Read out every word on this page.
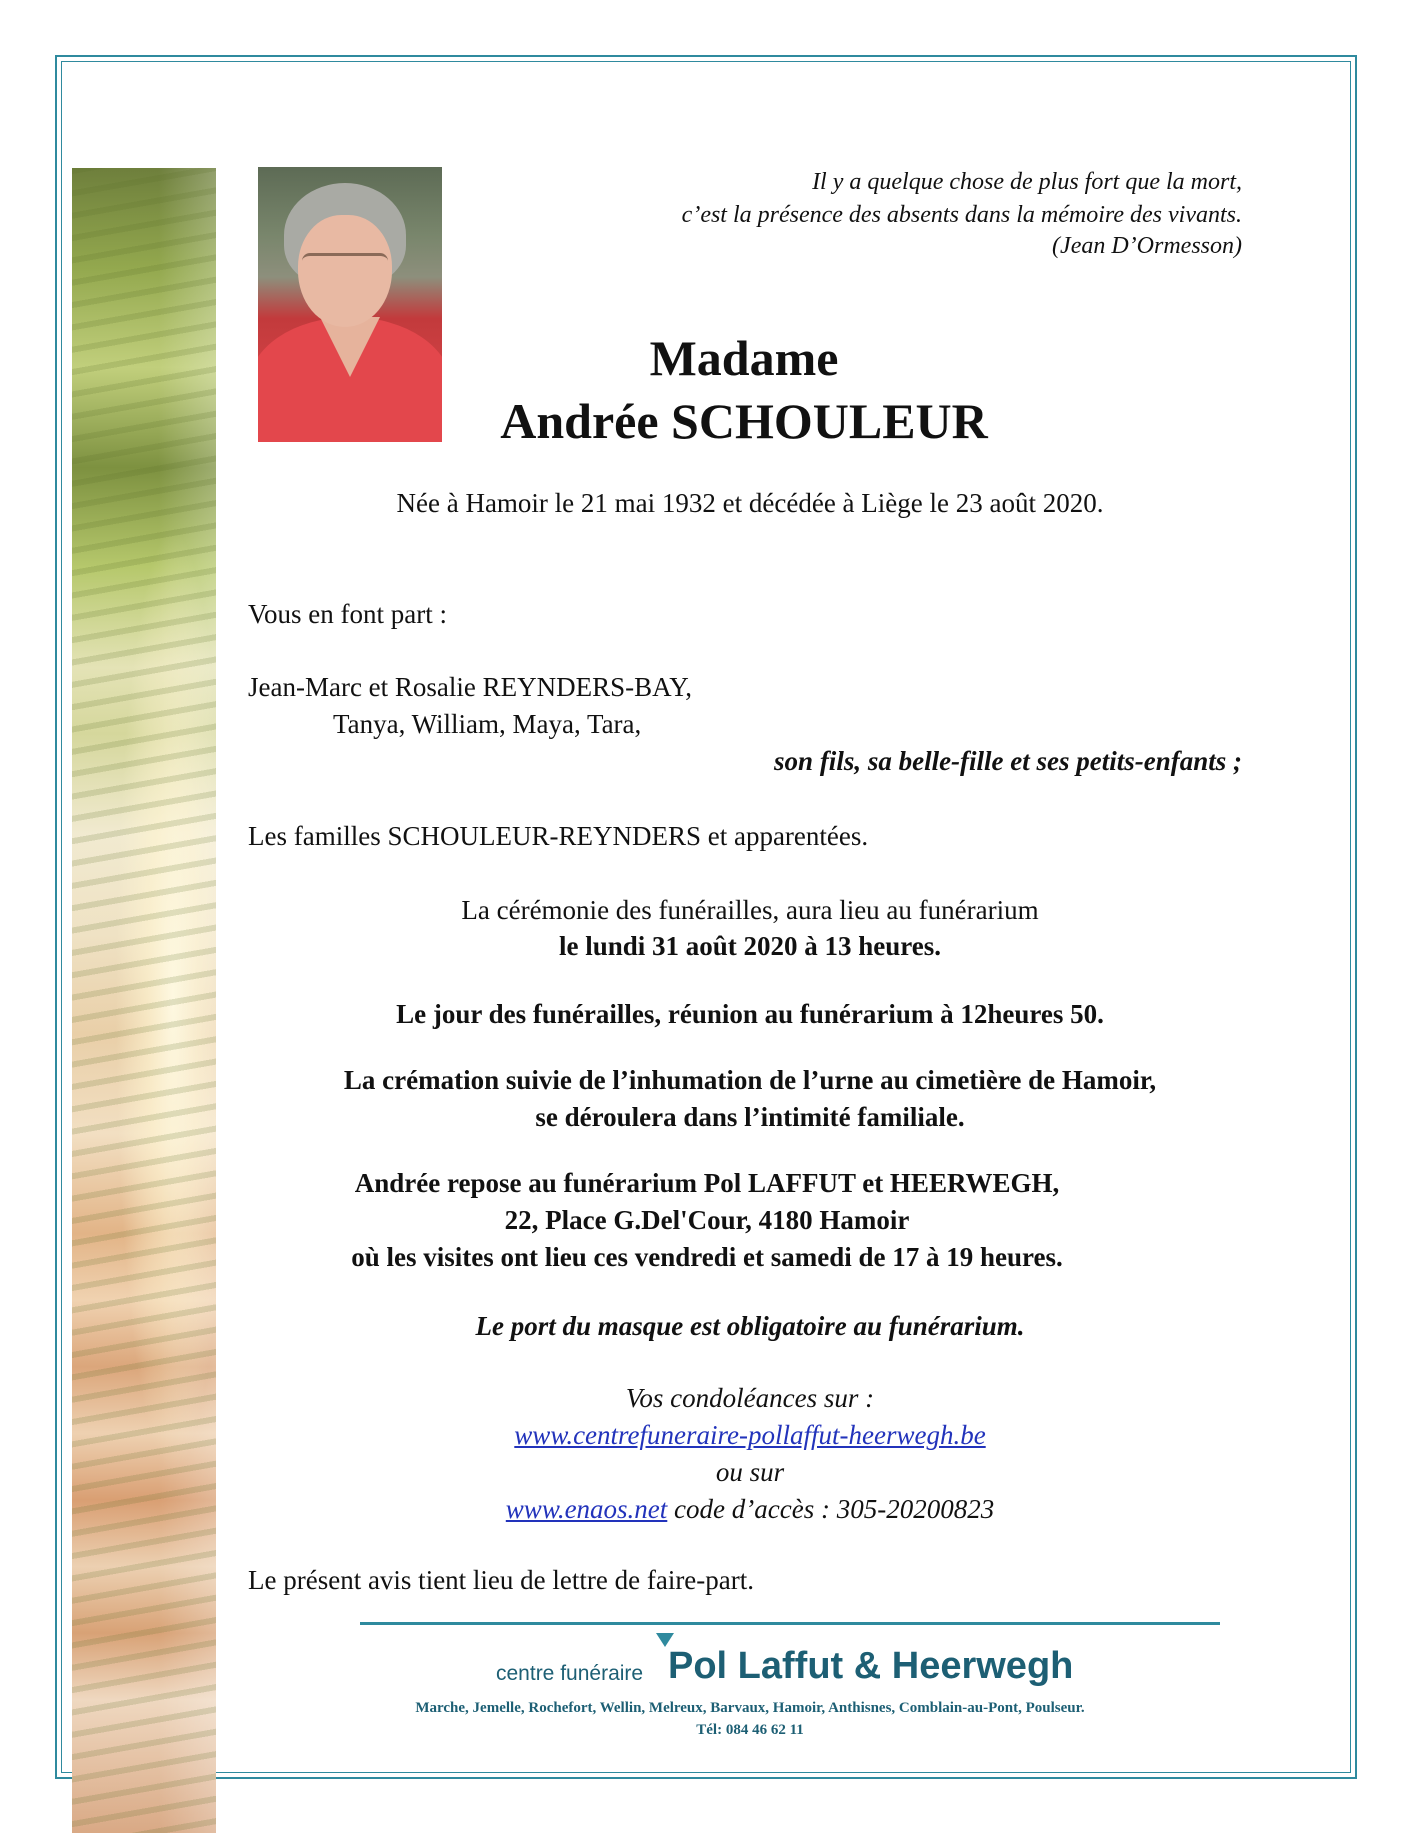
Il y a quelque chose de plus fort que la mort,

c’est la présence des absents dans la mémoire des vivants.

(Jean D’Ormesson)

Madame

Andrée SCHOULEUR

Née à Hamoir le 21 mai 1932 et décédée à Liège le 23 août 2020.

Vous en font part :

Jean-Marc et Rosalie REYNDERS-BAY,

Tanya, William, Maya, Tara,

son fils, sa belle-fille et ses petits-enfants ;

Les familles SCHOULEUR-REYNDERS et apparentées.

La cérémonie des funérailles, aura lieu au funérarium

le lundi 31 août 2020 à 13 heures.

Le jour des funérailles, réunion au funérarium à 12heures 50.

La crémation suivie de l’inhumation de l’urne au cimetière de Hamoir,

se déroulera dans l’intimité familiale.

Andrée repose au funérarium Pol LAFFUT et HEERWEGH,

22, Place G.Del'Cour, 4180 Hamoir

où les visites ont lieu ces vendredi et samedi de 17 à 19 heures.

Le port du masque est obligatoire au funérarium.

Vos condoléances sur :

www.centrefuneraire-pollaffut-heerwegh.be

ou sur

www.enaos.net code d’accès : 305-20200823

Le présent avis tient lieu de lettre de faire-part.

centre funéraire Pol Laffut & Heerwegh
Marche, Jemelle, Rochefort, Wellin, Melreux, Barvaux, Hamoir, Anthisnes, Comblain-au-Pont, Poulseur.
Tél: 084 46 62 11
